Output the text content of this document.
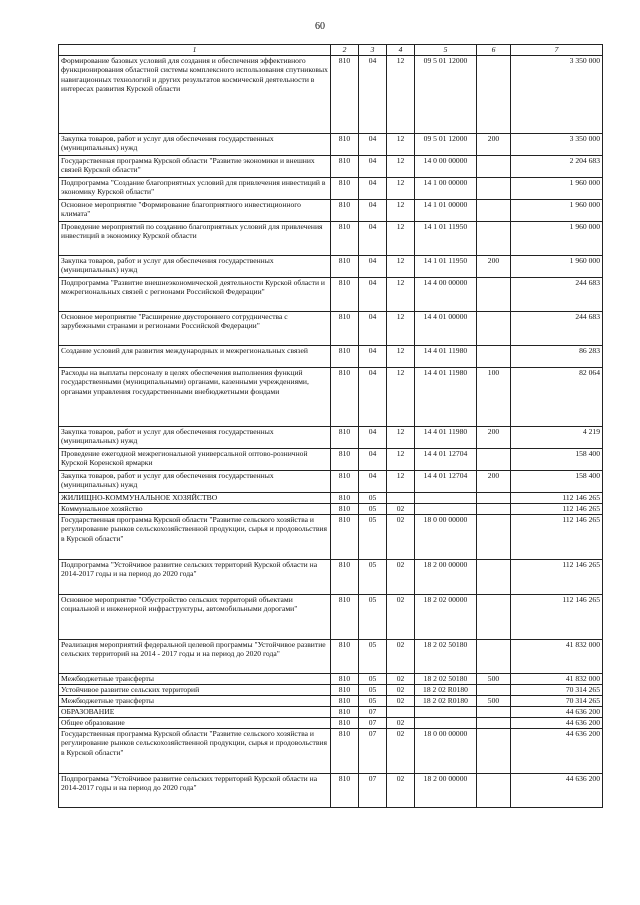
60
1	2	3	4	5	6	7
Формирование базовых условий для создания и обеспечения эффективного функционирования областной системы комплексного использования спутниковых навигационных технологий и других результатов космической деятельности в интересах развития Курской области	810	04	12	09 5 01 12000		3 350 000
Закупка товаров, работ и услуг для обеспечения государственных (муниципальных) нужд	810	04	12	09 5 01 12000	200	3 350 000
Государственная программа Курской области "Развитие экономики и внешних связей Курской области"	810	04	12	14 0 00 00000		2 204 683
Подпрограмма "Создание благоприятных условий для привлечения инвестиций в экономику Курской области"	810	04	12	14 1 00 00000		1 960 000
Основное мероприятие "Формирование благоприятного инвестиционного климата"	810	04	12	14 1 01 00000		1 960 000
Проведение мероприятий по созданию благоприятных условий для привлечения инвестиций в экономику Курской области	810	04	12	14 1 01 11950		1 960 000
Закупка товаров, работ и услуг для обеспечения государственных (муниципальных) нужд	810	04	12	14 1 01 11950	200	1 960 000
Подпрограмма "Развитие внешнеэкономической деятельности Курской области и межрегиональных связей с регионами Российской Федерации"	810	04	12	14 4 00 00000		244 683
Основное мероприятие "Расширение двустороннего сотрудничества с зарубежными странами и регионами Российской Федерации"	810	04	12	14 4 01 00000		244 683
Создание условий для развития международных и межрегиональных связей	810	04	12	14 4 01 11980		86 283
Расходы на выплаты персоналу в целях обеспечения выполнения функций государственными (муниципальными) органами, казенными учреждениями, органами управления государственными внебюджетными фондами	810	04	12	14 4 01 11980	100	82 064
Закупка товаров, работ и услуг для обеспечения государственных (муниципальных) нужд	810	04	12	14 4 01 11980	200	4 219
Проведение ежегодной межрегиональной универсальной оптово-розничной Курской Коренской ярмарки	810	04	12	14 4 01 12704		158 400
Закупка товаров, работ и услуг для обеспечения государственных (муниципальных) нужд	810	04	12	14 4 01 12704	200	158 400
ЖИЛИЩНО-КОММУНАЛЬНОЕ ХОЗЯЙСТВО	810	05				112 146 265
Коммунальное хозяйство	810	05	02			112 146 265
Государственная программа Курской области "Развитие сельского хозяйства и регулирование рынков сельскохозяйственной продукции, сырья и продовольствия в Курской области"	810	05	02	18 0 00 00000		112 146 265
Подпрограмма "Устойчивое развитие сельских территорий Курской области на 2014-2017 годы и на период до 2020 года"	810	05	02	18 2 00 00000		112 146 265
Основное мероприятие "Обустройство сельских территорий объектами социальной и инженерной инфраструктуры, автомобильными дорогами"	810	05	02	18 2 02 00000		112 146 265
Реализация мероприятий федеральной целевой программы "Устойчивое развитие сельских территорий на 2014 - 2017 годы и на период до 2020 года"	810	05	02	18 2 02 50180		41 832 000
Межбюджетные трансферты	810	05	02	18 2 02 50180	500	41 832 000
Устойчивое развитие сельских территорий	810	05	02	18 2 02 R0180		70 314 265
Межбюджетные трансферты	810	05	02	18 2 02 R0180	500	70 314 265
ОБРАЗОВАНИЕ	810	07				44 636 200
Общее образование	810	07	02			44 636 200
Государственная программа Курской области "Развитие сельского хозяйства и регулирование рынков сельскохозяйственной продукции, сырья и продовольствия в Курской области"	810	07	02	18 0 00 00000		44 636 200
Подпрограмма "Устойчивое развитие сельских территорий Курской области на 2014-2017 годы и на период до 2020 года"	810	07	02	18 2 00 00000		44 636 200
